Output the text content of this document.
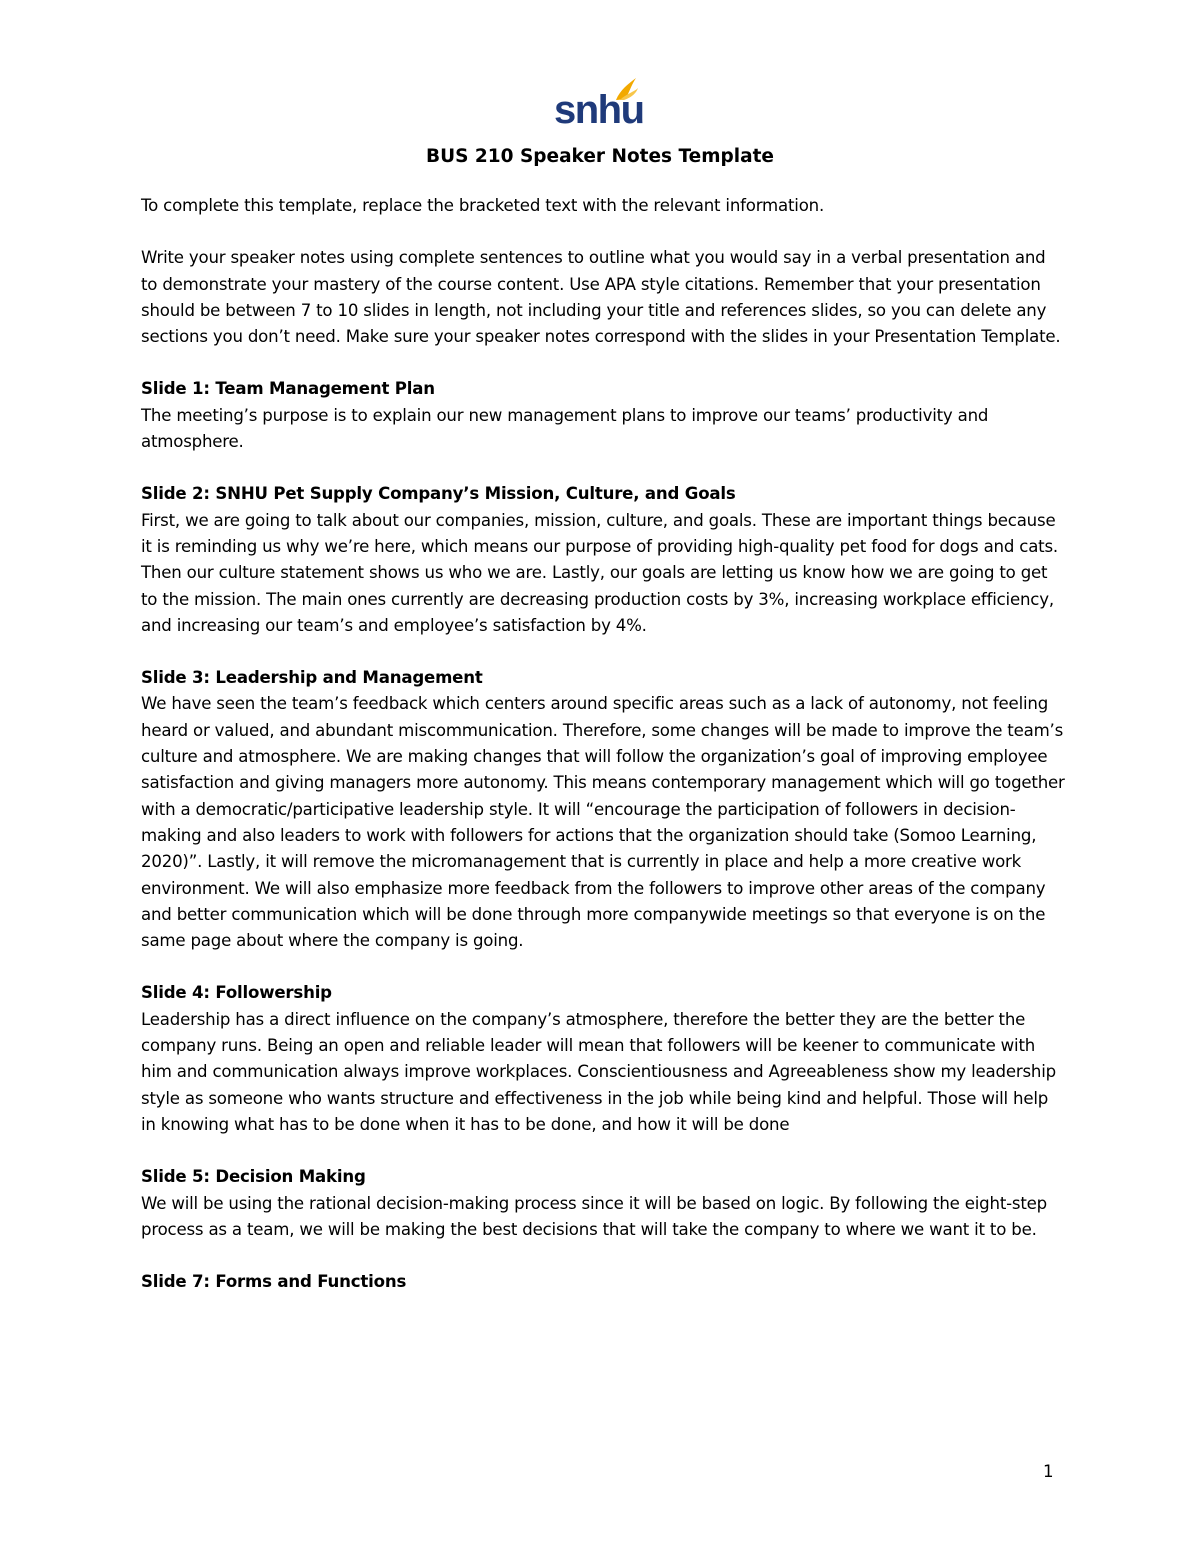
snhu
BUS 210 Speaker Notes Template

To complete this template, replace the bracketed text with the relevant information.

Write your speaker notes using complete sentences to outline what you would say in a verbal presentation and to demonstrate your mastery of the course content. Use APA style citations. Remember that your presentation should be between 7 to 10 slides in length, not including your title and references slides, so you can delete any sections you don’t need. Make sure your speaker notes correspond with the slides in your Presentation Template.

Slide 1: Team Management Plan
The meeting’s purpose is to explain our new management plans to improve our teams’ productivity and atmosphere.

Slide 2: SNHU Pet Supply Company’s Mission, Culture, and Goals
First, we are going to talk about our companies, mission, culture, and goals. These are important things because it is reminding us why we’re here, which means our purpose of providing high-quality pet food for dogs and cats. Then our culture statement shows us who we are. Lastly, our goals are letting us know how we are going to get to the mission. The main ones currently are decreasing production costs by 3%, increasing workplace efficiency, and increasing our team’s and employee’s satisfaction by 4%.

Slide 3: Leadership and Management
We have seen the team’s feedback which centers around specific areas such as a lack of autonomy, not feeling heard or valued, and abundant miscommunication. Therefore, some changes will be made to improve the team’s culture and atmosphere. We are making changes that will follow the organization’s goal of improving employee satisfaction and giving managers more autonomy. This means contemporary management which will go together with a democratic/participative leadership style. It will “encourage the participation of followers in decision-making and also leaders to work with followers for actions that the organization should take (Somoo Learning, 2020)”. Lastly, it will remove the micromanagement that is currently in place and help a more creative work environment. We will also emphasize more feedback from the followers to improve other areas of the company and better communication which will be done through more companywide meetings so that everyone is on the same page about where the company is going.

Slide 4: Followership
Leadership has a direct influence on the company’s atmosphere, therefore the better they are the better the company runs. Being an open and reliable leader will mean that followers will be keener to communicate with him and communication always improve workplaces. Conscientiousness and Agreeableness show my leadership style as someone who wants structure and effectiveness in the job while being kind and helpful. Those will help in knowing what has to be done when it has to be done, and how it will be done

Slide 5: Decision Making
We will be using the rational decision-making process since it will be based on logic. By following the eight-step process as a team, we will be making the best decisions that will take the company to where we want it to be.

Slide 7: Forms and Functions

1
